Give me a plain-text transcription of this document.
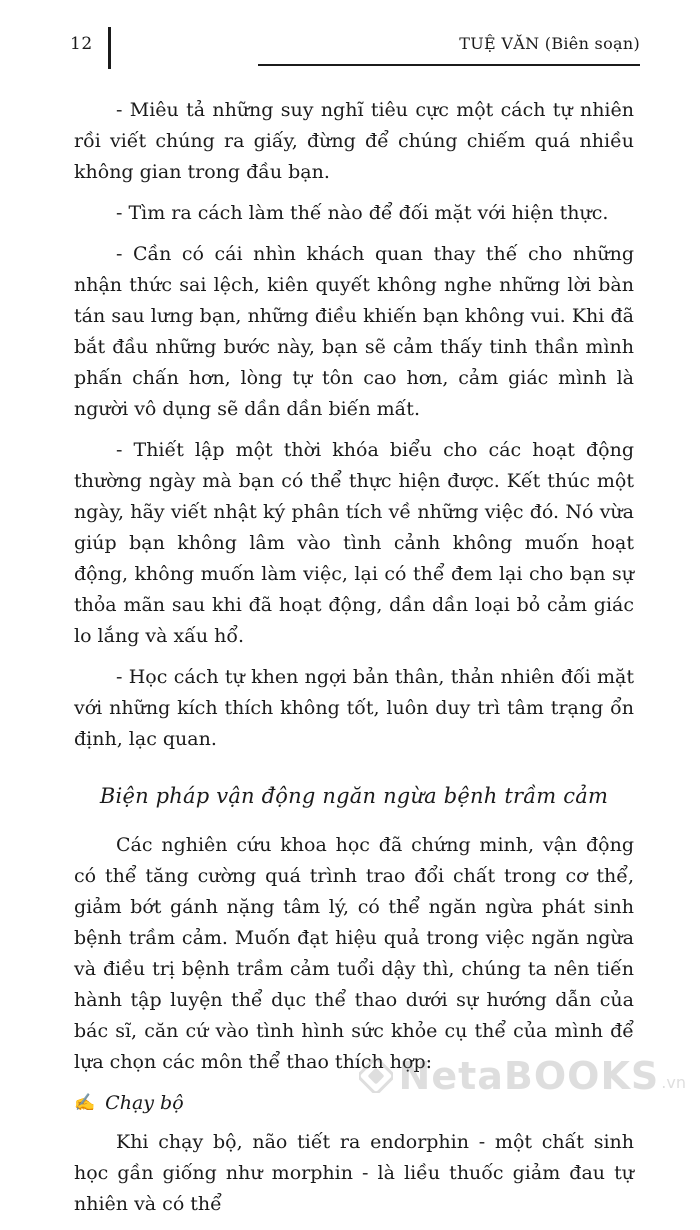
12	TUỆ VĂN (Biên soạn)

- Miêu tả những suy nghĩ tiêu cực một cách tự nhiên rồi viết chúng ra giấy, đừng để chúng chiếm quá nhiều không gian trong đầu bạn.

- Tìm ra cách làm thế nào để đối mặt với hiện thực.

- Cần có cái nhìn khách quan thay thế cho những nhận thức sai lệch, kiên quyết không nghe những lời bàn tán sau lưng bạn, những điều khiến bạn không vui. Khi đã bắt đầu những bước này, bạn sẽ cảm thấy tinh thần mình phấn chấn hơn, lòng tự tôn cao hơn, cảm giác mình là người vô dụng sẽ dần dần biến mất.

- Thiết lập một thời khóa biểu cho các hoạt động thường ngày mà bạn có thể thực hiện được. Kết thúc một ngày, hãy viết nhật ký phân tích về những việc đó. Nó vừa giúp bạn không lâm vào tình cảnh không muốn hoạt động, không muốn làm việc, lại có thể đem lại cho bạn sự thỏa mãn sau khi đã hoạt động, dần dần loại bỏ cảm giác lo lắng và xấu hổ.

- Học cách tự khen ngợi bản thân, thản nhiên đối mặt với những kích thích không tốt, luôn duy trì tâm trạng ổn định, lạc quan.

Biện pháp vận động ngăn ngừa bệnh trầm cảm

Các nghiên cứu khoa học đã chứng minh, vận động có thể tăng cường quá trình trao đổi chất trong cơ thể, giảm bớt gánh nặng tâm lý, có thể ngăn ngừa phát sinh bệnh trầm cảm. Muốn đạt hiệu quả trong việc ngăn ngừa và điều trị bệnh trầm cảm tuổi dậy thì, chúng ta nên tiến hành tập luyện thể dục thể thao dưới sự hướng dẫn của bác sĩ, căn cứ vào tình hình sức khỏe cụ thể của mình để lựa chọn các môn thể thao thích hợp:

✍ Chạy bộ

Khi chạy bộ, não tiết ra endorphin - một chất sinh học gần giống như morphin - là liều thuốc giảm đau tự nhiên và có thể

NetaBOOKS .vn
